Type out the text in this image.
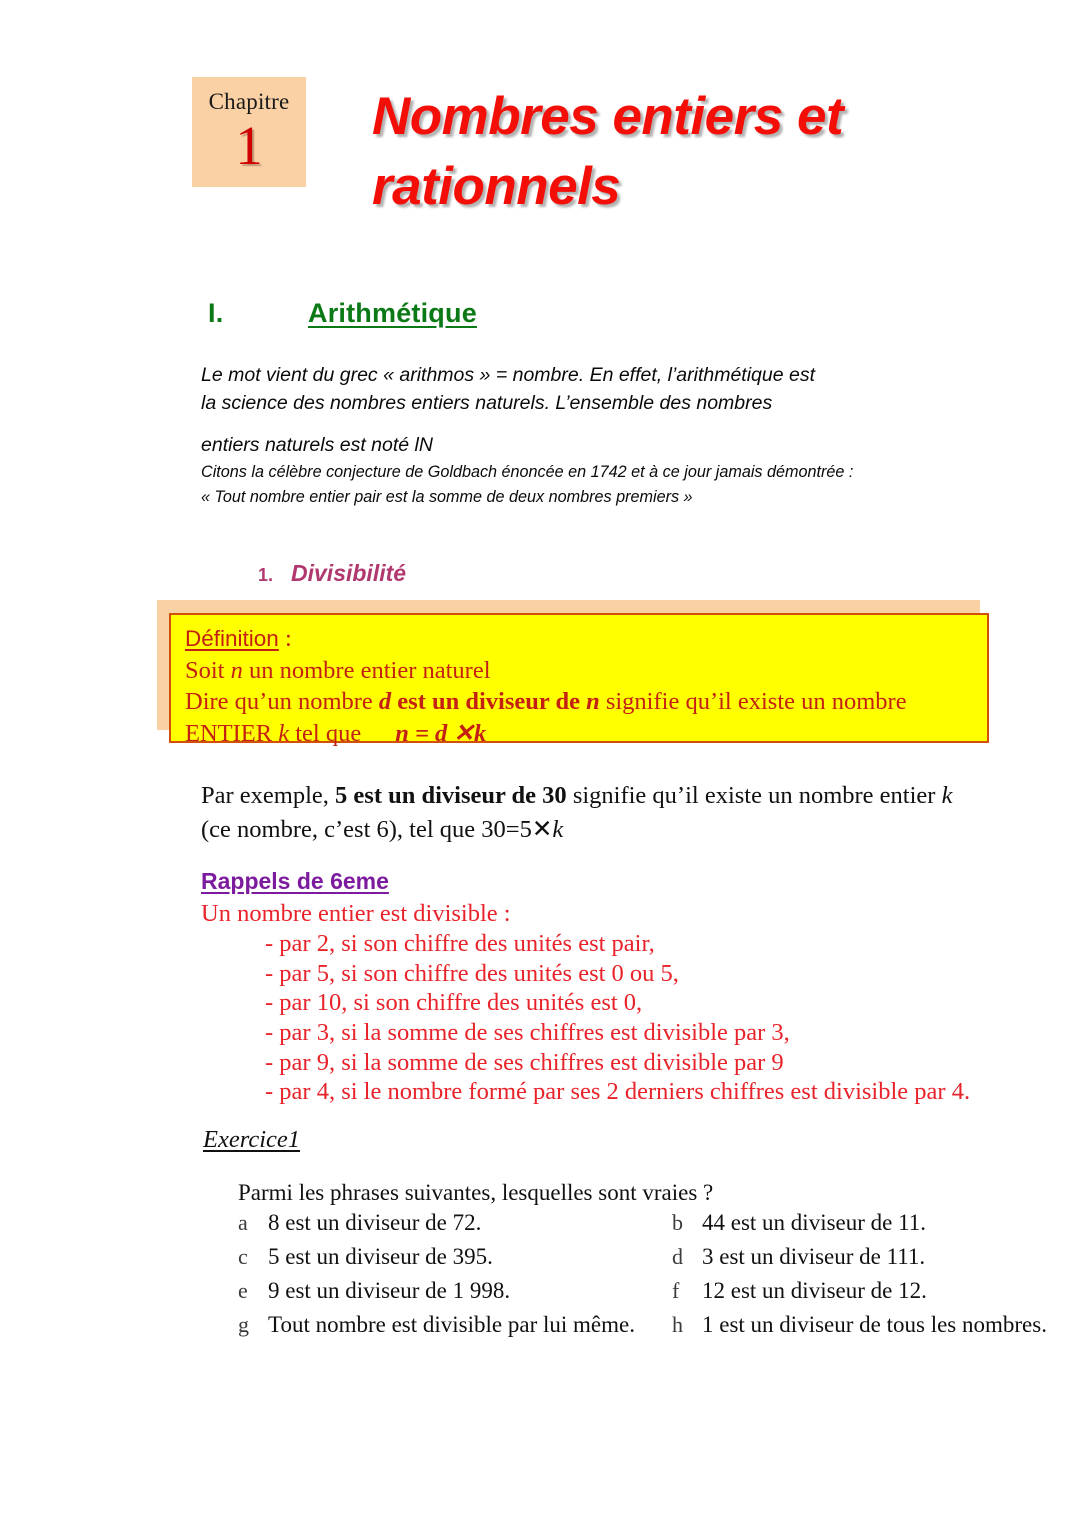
Chapitre
1	Nombres entiers et
rationnels
I.	Arithmétique
Le mot vient du grec « arithmos » = nombre. En effet, l’arithmétique est
la science des nombres entiers naturels. L’ensemble des nombres
entiers naturels est noté lN
Citons la célèbre conjecture de Goldbach énoncée en 1742 et à ce jour jamais démontrée :
« Tout nombre entier pair est la somme de deux nombres premiers »
1. Divisibilité
Définition :
Soit n un nombre entier naturel
Dire qu’un nombre d est un diviseur de n signifie qu’il existe un nombre
ENTIER k tel que n = d ✕k
Par exemple, 5 est un diviseur de 30 signifie qu’il existe un nombre entier k
(ce nombre, c’est 6), tel que 30=5✕k
Rappels de 6eme
Un nombre entier est divisible :
- par 2, si son chiffre des unités est pair,
- par 5, si son chiffre des unités est 0 ou 5,
- par 10, si son chiffre des unités est 0,
- par 3, si la somme de ses chiffres est divisible par 3,
- par 9, si la somme de ses chiffres est divisible par 9
- par 4, si le nombre formé par ses 2 derniers chiffres est divisible par 4.
Exercice1
Parmi les phrases suivantes, lesquelles sont vraies ?
a 8 est un diviseur de 72.	b 44 est un diviseur de 11.
c 5 est un diviseur de 395.	d 3 est un diviseur de 111.
e 9 est un diviseur de 1 998.	f 12 est un diviseur de 12.
g Tout nombre est divisible par lui même. h 1 est un diviseur de tous les nombres.
